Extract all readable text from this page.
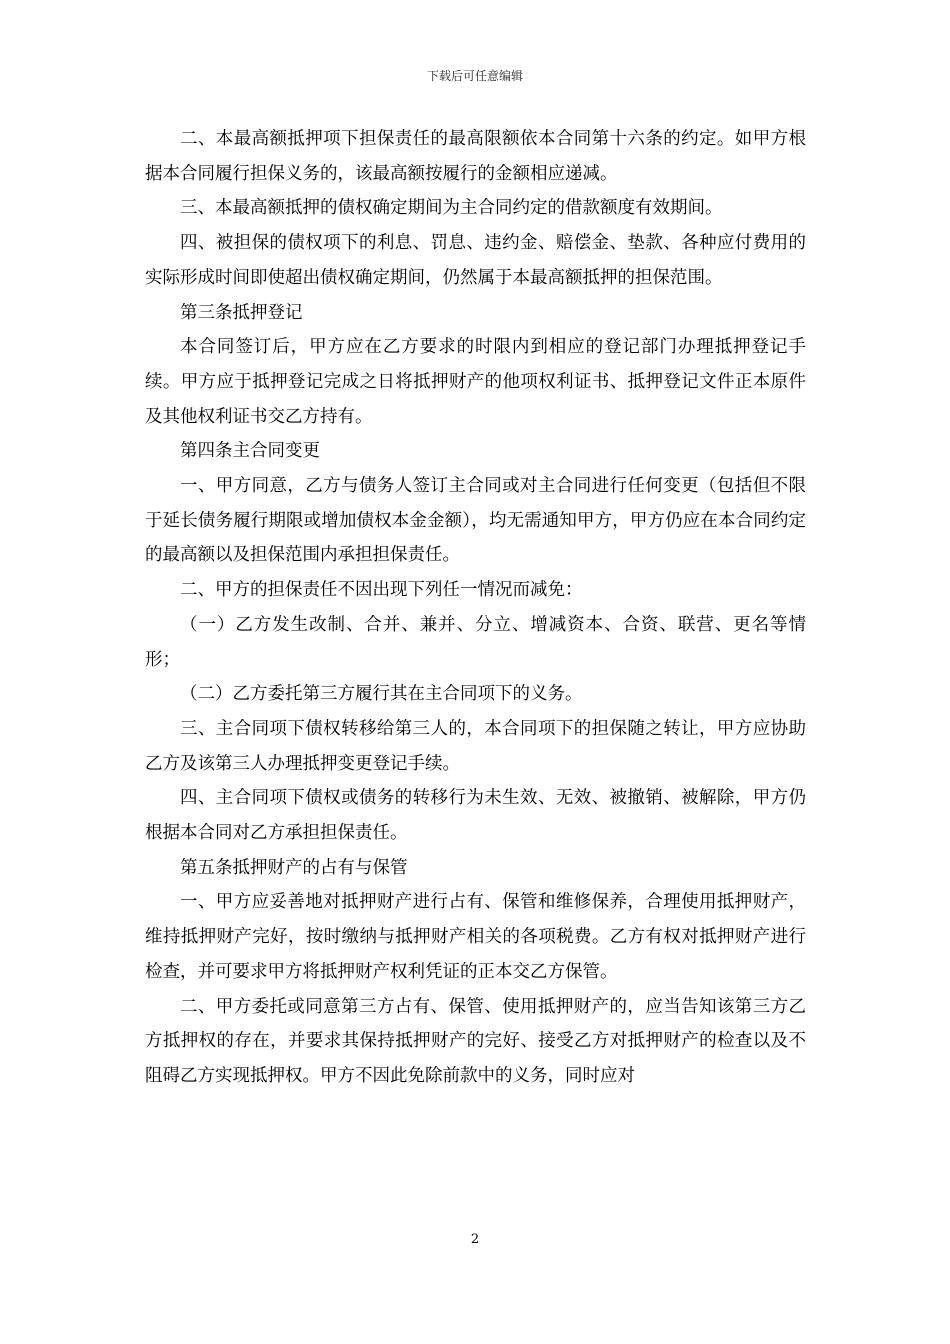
下载后可任意编辑

二、本最高额抵押项下担保责任的最高限额依本合同第十六条的约定。如甲方根据本合同履行担保义务的，该最高额按履行的金额相应递减。

三、本最高额抵押的债权确定期间为主合同约定的借款额度有效期间。

四、被担保的债权项下的利息、罚息、违约金、赔偿金、垫款、各种应付费用的实际形成时间即使超出债权确定期间，仍然属于本最高额抵押的担保范围。

第三条抵押登记

本合同签订后，甲方应在乙方要求的时限内到相应的登记部门办理抵押登记手续。甲方应于抵押登记完成之日将抵押财产的他项权利证书、抵押登记文件正本原件及其他权利证书交乙方持有。

第四条主合同变更

一、甲方同意，乙方与债务人签订主合同或对主合同进行任何变更（包括但不限于延长债务履行期限或增加债权本金金额），均无需通知甲方，甲方仍应在本合同约定的最高额以及担保范围内承担担保责任。

二、甲方的担保责任不因出现下列任一情况而减免：

（一）乙方发生改制、合并、兼并、分立、增减资本、合资、联营、更名等情形；

（二）乙方委托第三方履行其在主合同项下的义务。

三、主合同项下债权转移给第三人的，本合同项下的担保随之转让，甲方应协助乙方及该第三人办理抵押变更登记手续。

四、主合同项下债权或债务的转移行为未生效、无效、被撤销、被解除，甲方仍根据本合同对乙方承担担保责任。

第五条抵押财产的占有与保管

一、甲方应妥善地对抵押财产进行占有、保管和维修保养，合理使用抵押财产，维持抵押财产完好，按时缴纳与抵押财产相关的各项税费。乙方有权对抵押财产进行检查，并可要求甲方将抵押财产权利凭证的正本交乙方保管。

二、甲方委托或同意第三方占有、保管、使用抵押财产的，应当告知该第三方乙方抵押权的存在，并要求其保持抵押财产的完好、接受乙方对抵押财产的检查以及不阻碍乙方实现抵押权。甲方不因此免除前款中的义务，同时应对

2
